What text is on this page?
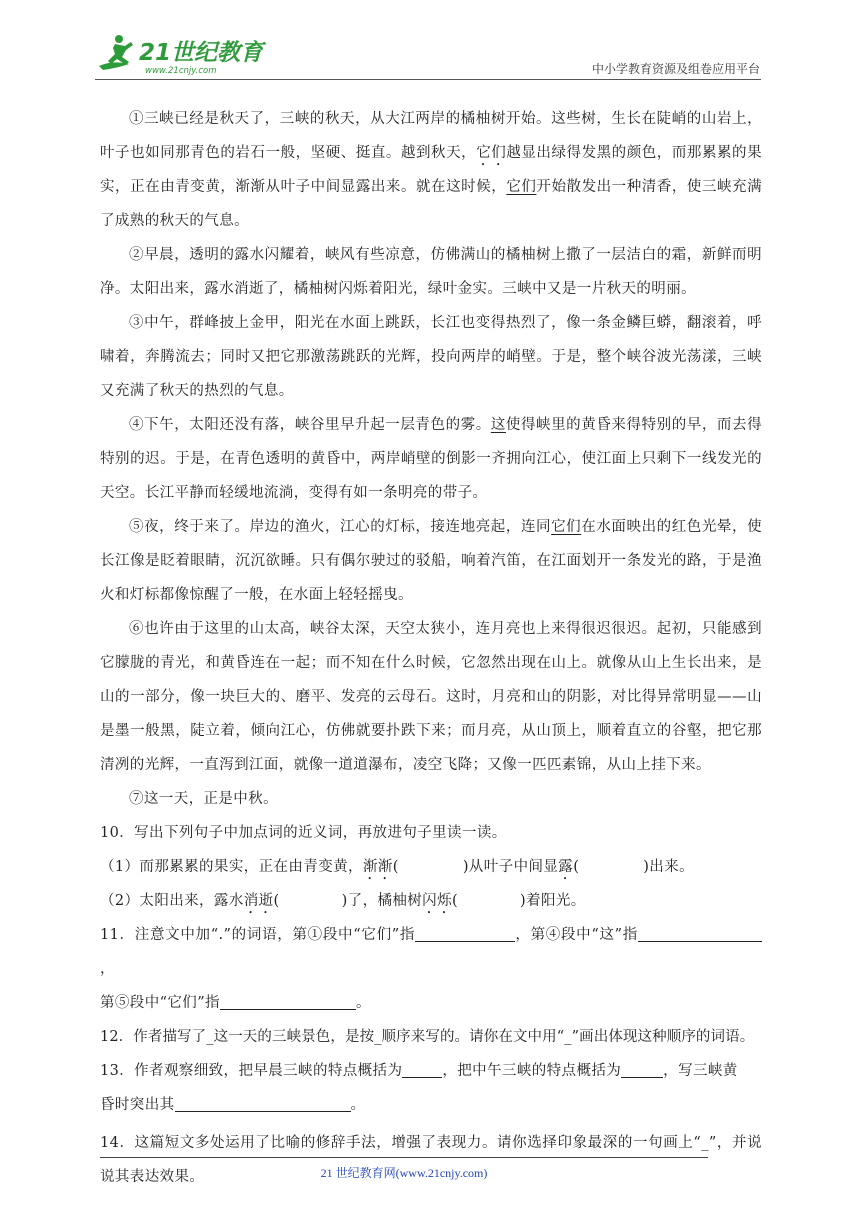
21世纪教育
www.21cnjy.com	中小学教育资源及组卷应用平台

①三峡已经是秋天了，三峡的秋天，从大江两岸的橘柚树开始。这些树，生长在陡峭的山岩上，叶子也如同那青色的岩石一般，坚硬、挺直。越到秋天，它们越显出绿得发黑的颜色，而那累累的果实，正在由青变黄，渐渐从叶子中间显露出来。就在这时候，它们开始散发出一种清香，使三峡充满了成熟的秋天的气息。

②早晨，透明的露水闪耀着，峡风有些凉意，仿佛满山的橘柚树上撒了一层洁白的霜，新鲜而明净。太阳出来，露水消逝了，橘柚树闪烁着阳光，绿叶金实。三峡中又是一片秋天的明丽。

③中午，群峰披上金甲，阳光在水面上跳跃，长江也变得热烈了，像一条金鳞巨蟒，翻滚着，呼啸着，奔腾流去；同时又把它那激荡跳跃的光辉，投向两岸的峭壁。于是，整个峡谷波光荡漾，三峡又充满了秋天的热烈的气息。

④下午，太阳还没有落，峡谷里早升起一层青色的雾。这使得峡里的黄昏来得特别的早，而去得特别的迟。于是，在青色透明的黄昏中，两岸峭壁的倒影一齐拥向江心，使江面上只剩下一线发光的天空。长江平静而轻缓地流淌，变得有如一条明亮的带子。

⑤夜，终于来了。岸边的渔火，江心的灯标，接连地亮起，连同它们在水面映出的红色光晕，使长江像是眨着眼睛，沉沉欲睡。只有偶尔驶过的驳船，响着汽笛，在江面划开一条发光的路，于是渔火和灯标都像惊醒了一般，在水面上轻轻摇曳。

⑥也许由于这里的山太高，峡谷太深，天空太狭小，连月亮也上来得很迟很迟。起初，只能感到它朦胧的青光，和黄昏连在一起；而不知在什么时候，它忽然出现在山上。就像从山上生长出来，是山的一部分，像一块巨大的、磨平、发亮的云母石。这时，月亮和山的阴影，对比得异常明显——山是墨一般黑，陡立着，倾向江心，仿佛就要扑跌下来；而月亮，从山顶上，顺着直立的谷壑，把它那清冽的光辉，一直泻到江面，就像一道道瀑布，凌空飞降；又像一匹匹素锦，从山上挂下来。

⑦这一天，正是中秋。

10．写出下列句子中加点词的近义词，再放进句子里读一读。

（1）而那累累的果实，正在由青变黄，渐渐(	)从叶子中间显露(	)出来。

（2）太阳出来，露水消逝(	)了，橘柚树闪烁(	)着阳光。

11．注意文中加“.”的词语，第①段中“它们”指	，第④段中“这”指，
第⑤段中“它们”指	。

12．作者描写了_这一天的三峡景色，是按_顺序来写的。请你在文中用“_”画出体现这种顺序的词语。

13．作者观察细致，把早晨三峡的特点概括为	，把中午三峡的特点概括为	，写三峡黄
昏时突出其	。

14．这篇短文多处运用了比喻的修辞手法，增强了表现力。请你选择印象最深的一句画上“_”，并说说其表达效果。	21 世纪教育网(www.21cnjy.com)
